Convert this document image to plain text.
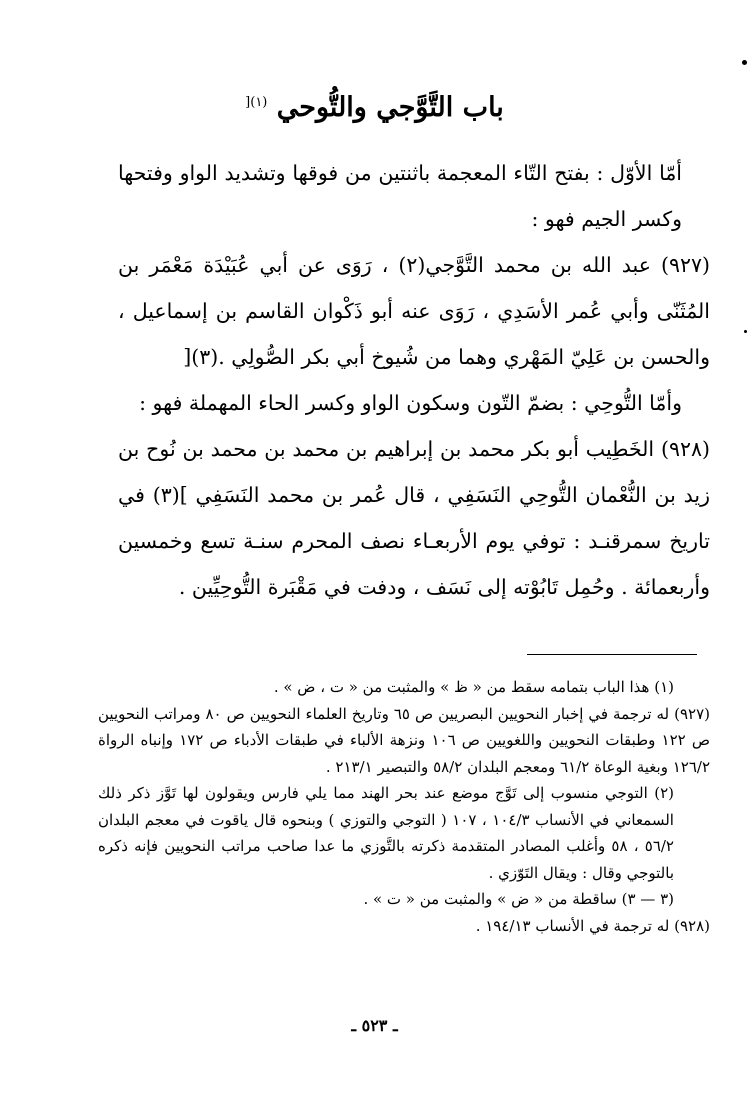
باب التَّوَّجي والتُّوحي $^{(١)[}$

أمّا الأوّل : بفتح التّاء المعجمة باثنتين من فوقها وتشديد الواو وفتحها وكسر الجيم فهو :

(٩٢٧) عبد الله بن محمد التَّوَّجي(٢) ، رَوَى عن أبي عُبَيْدَة مَعْمَر بن المُثَنّى وأبي عُمر الأسَدِي ، رَوَى عنه أبو ذَكْوان القاسم بن إسماعيل ، والحسن بن عَلِيّ المَهْري وهما من شُيوخ أبي بكر الصُّولِي .(٣)[

وأمّا التُّوحِي : بضمّ التّون وسكون الواو وكسر الحاء المهملة فهو :

(٩٢٨) الخَطِيب أبو بكر محمد بن إبراهيم بن محمد بن محمد بن نُوح بن زيد بن النُّعْمان التُّوحِي النَسَفِي ، قال عُمر بن محمد النَسَفِي ](٣) في تاريخ سمرقنـد : توفي يوم الأربعـاء نصف المحرم سنـة تسع وخمسين وأربعمائة . وحُمِل تَابُوْته إلى نَسَف ، ودفت في مَقْبَرة التُّوحِيِّين .

(١) هذا الباب بتمامه سقط من « ظ » والمثبت من « ت ، ض » .

(٩٢٧) له ترجمة في إخبار النحويين البصريين ص ٦٥ وتاريخ العلماء النحويين ص ٨٠ ومراتب النحويين ص ١٢٢ وطبقات النحويين واللغويين ص ١٠٦ ونزهة الألباء في طبقات الأدباء ص ١٧٢ وإنباه الرواة ١٢٦/٢ وبغية الوعاة ٦١/٢ ومعجم البلدان ٥٨/٢ والتبصير ٢١٣/١ .

(٢) التوجي منسوب إلى تَوَّج موضع عند بحر الهند مما يلي فارس ويقولون لها تَوَّز ذكر ذلك السمعاني في الأنساب ١٠٤/٣ ، ١٠٧ ( التوجي والتوزي ) وبنحوه قال ياقوت في معجم البلدان ٥٦/٢ ، ٥٨ وأغلب المصادر المتقدمة ذكرته بالتَّوزي ما عدا صاحب مراتب النحويين فإنه ذكره بالتوجي وقال : ويقال التَوّزي .

(٣ — ٣) ساقطة من « ض » والمثبت من « ت » .

(٩٢٨) له ترجمة في الأنساب ١٩٤/١٣ .

ـ ٥٢٣ ـ
